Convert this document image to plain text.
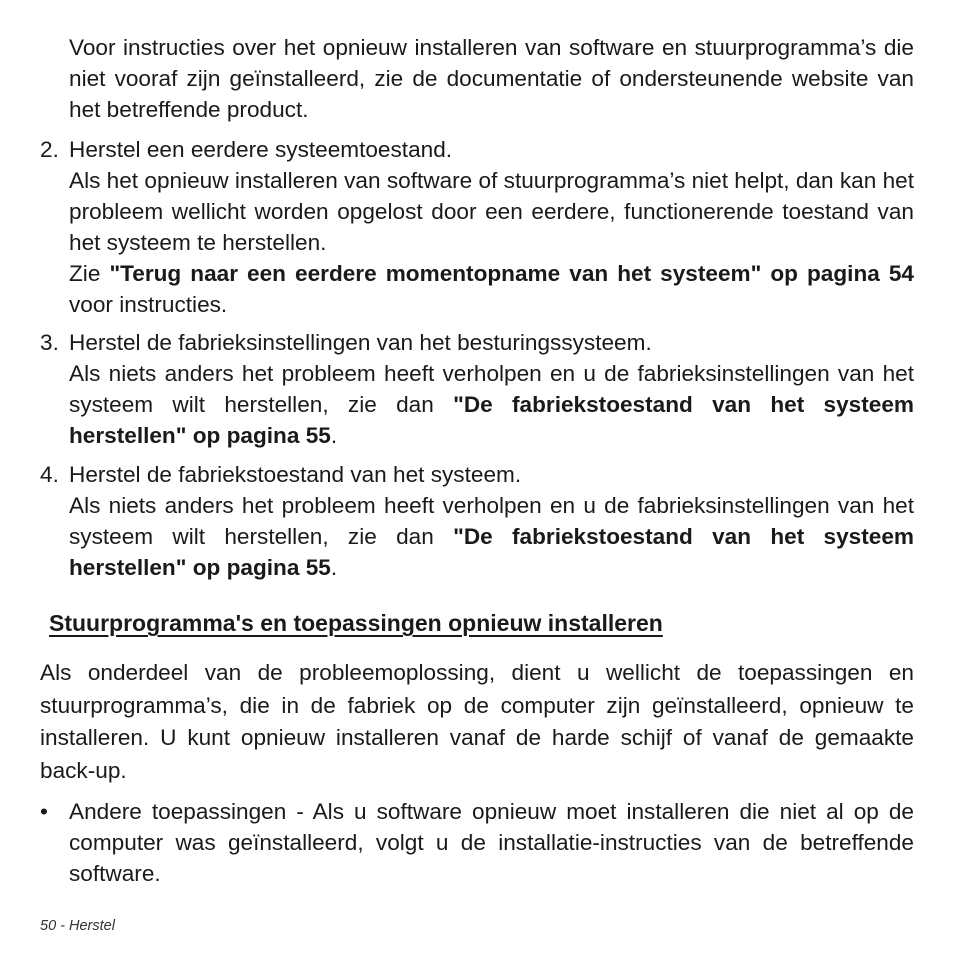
Voor instructies over het opnieuw installeren van software en stuurprogramma’s die niet vooraf zijn geïnstalleerd, zie de documentatie of ondersteunende website van het betreffende product.

2. Herstel een eerdere systeemtoestand.

Als het opnieuw installeren van software of stuurprogramma’s niet helpt, dan kan het probleem wellicht worden opgelost door een eerdere, functionerende toestand van het systeem te herstellen.

Zie "Terug naar een eerdere momentopname van het systeem" op pagina 54 voor instructies.

3. Herstel de fabrieksinstellingen van het besturingssysteem.

Als niets anders het probleem heeft verholpen en u de fabrieksinstellingen van het systeem wilt herstellen, zie dan "De fabriekstoestand van het systeem herstellen" op pagina 55.

4. Herstel de fabriekstoestand van het systeem.

Als niets anders het probleem heeft verholpen en u de fabrieksinstellingen van het systeem wilt herstellen, zie dan "De fabriekstoestand van het systeem herstellen" op pagina 55.

Stuurprogramma's en toepassingen opnieuw installeren

Als onderdeel van de probleemoplossing, dient u wellicht de toepassingen en stuurprogramma’s, die in de fabriek op de computer zijn geïnstalleerd, opnieuw te installeren. U kunt opnieuw installeren vanaf de harde schijf of vanaf de gemaakte back-up.

• Andere toepassingen - Als u software opnieuw moet installeren die niet al op de computer was geïnstalleerd, volgt u de installatie-instructies van de betreffende software.

50 - Herstel
